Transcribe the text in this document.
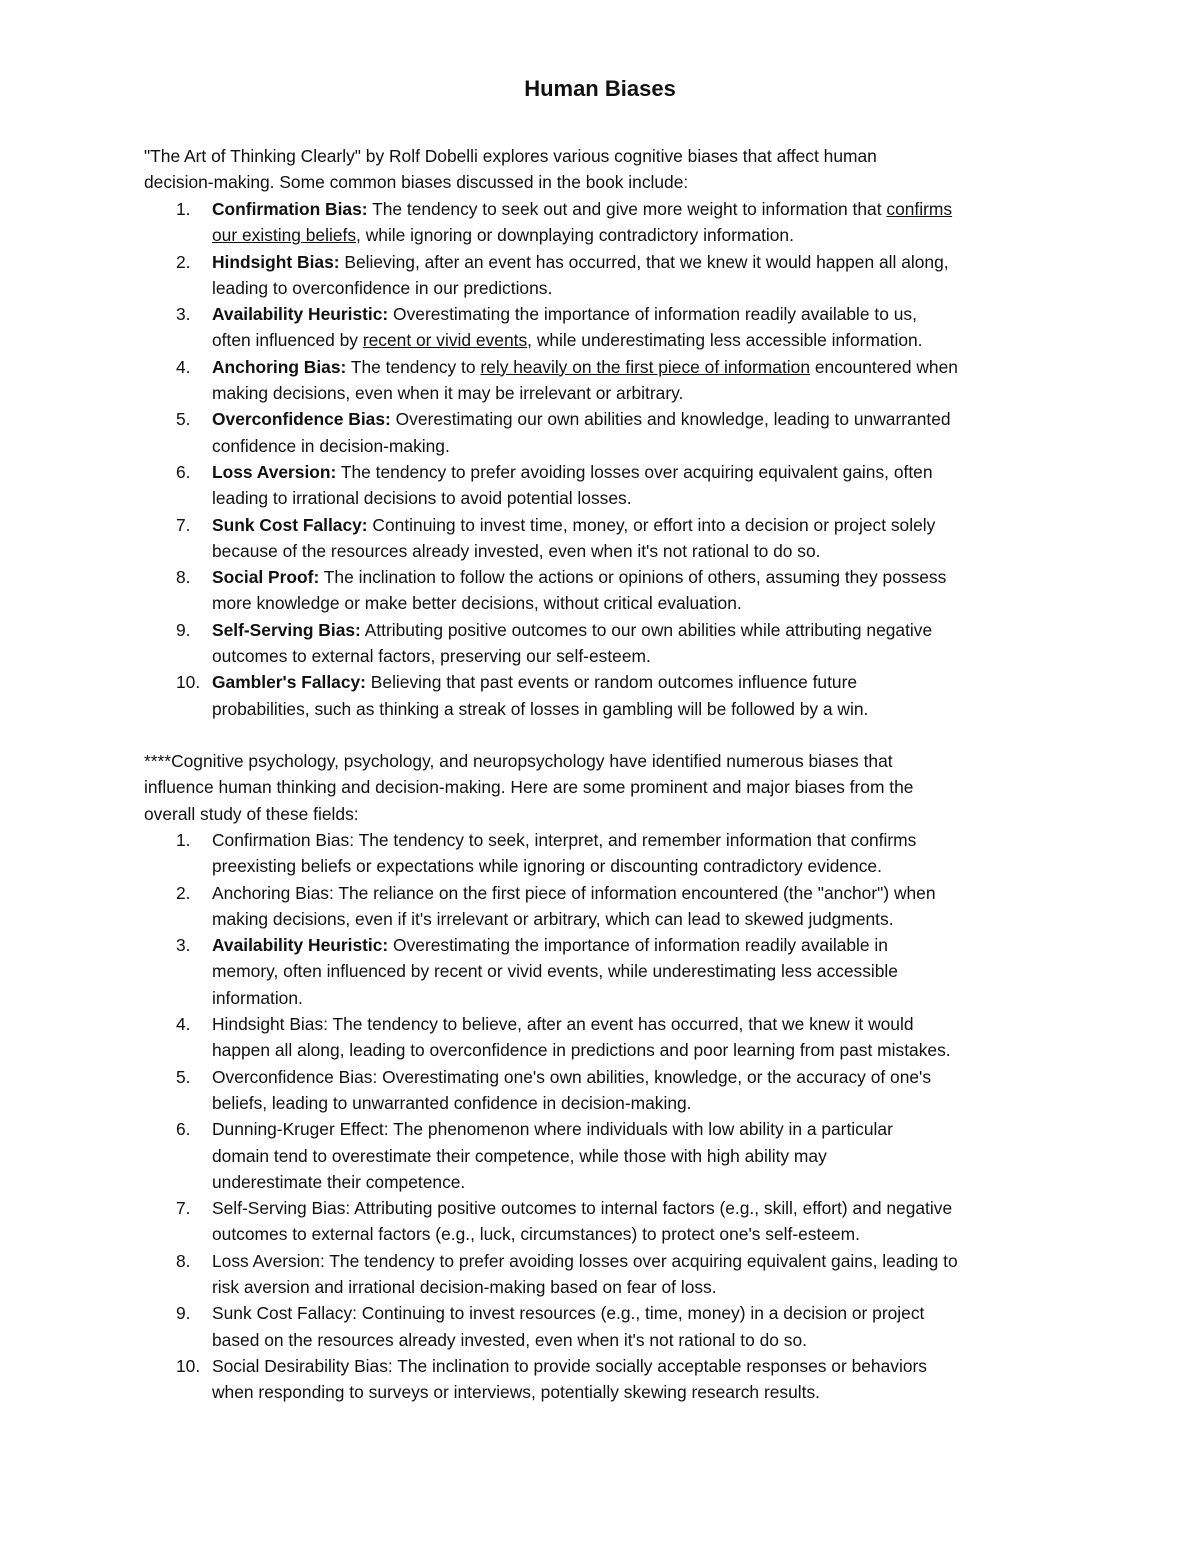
Human Biases
"The Art of Thinking Clearly" by Rolf Dobelli explores various cognitive biases that affect human
decision-making. Some common biases discussed in the book include:
1. Confirmation Bias: The tendency to seek out and give more weight to information that confirms
our existing beliefs, while ignoring or downplaying contradictory information.
2. Hindsight Bias: Believing, after an event has occurred, that we knew it would happen all along,
leading to overconfidence in our predictions.
3. Availability Heuristic: Overestimating the importance of information readily available to us,
often influenced by recent or vivid events, while underestimating less accessible information.
4. Anchoring Bias: The tendency to rely heavily on the first piece of information encountered when
making decisions, even when it may be irrelevant or arbitrary.
5. Overconfidence Bias: Overestimating our own abilities and knowledge, leading to unwarranted
confidence in decision-making.
6. Loss Aversion: The tendency to prefer avoiding losses over acquiring equivalent gains, often
leading to irrational decisions to avoid potential losses.
7. Sunk Cost Fallacy: Continuing to invest time, money, or effort into a decision or project solely
because of the resources already invested, even when it's not rational to do so.
8. Social Proof: The inclination to follow the actions or opinions of others, assuming they possess
more knowledge or make better decisions, without critical evaluation.
9. Self-Serving Bias: Attributing positive outcomes to our own abilities while attributing negative
outcomes to external factors, preserving our self-esteem.
10. Gambler's Fallacy: Believing that past events or random outcomes influence future
probabilities, such as thinking a streak of losses in gambling will be followed by a win.
****Cognitive psychology, psychology, and neuropsychology have identified numerous biases that
influence human thinking and decision-making. Here are some prominent and major biases from the
overall study of these fields:
1. Confirmation Bias: The tendency to seek, interpret, and remember information that confirms
preexisting beliefs or expectations while ignoring or discounting contradictory evidence.
2. Anchoring Bias: The reliance on the first piece of information encountered (the "anchor") when
making decisions, even if it's irrelevant or arbitrary, which can lead to skewed judgments.
3. Availability Heuristic: Overestimating the importance of information readily available in
memory, often influenced by recent or vivid events, while underestimating less accessible
information.
4. Hindsight Bias: The tendency to believe, after an event has occurred, that we knew it would
happen all along, leading to overconfidence in predictions and poor learning from past mistakes.
5. Overconfidence Bias: Overestimating one's own abilities, knowledge, or the accuracy of one's
beliefs, leading to unwarranted confidence in decision-making.
6. Dunning-Kruger Effect: The phenomenon where individuals with low ability in a particular
domain tend to overestimate their competence, while those with high ability may
underestimate their competence.
7. Self-Serving Bias: Attributing positive outcomes to internal factors (e.g., skill, effort) and negative
outcomes to external factors (e.g., luck, circumstances) to protect one's self-esteem.
8. Loss Aversion: The tendency to prefer avoiding losses over acquiring equivalent gains, leading to
risk aversion and irrational decision-making based on fear of loss.
9. Sunk Cost Fallacy: Continuing to invest resources (e.g., time, money) in a decision or project
based on the resources already invested, even when it's not rational to do so.
10. Social Desirability Bias: The inclination to provide socially acceptable responses or behaviors
when responding to surveys or interviews, potentially skewing research results.
